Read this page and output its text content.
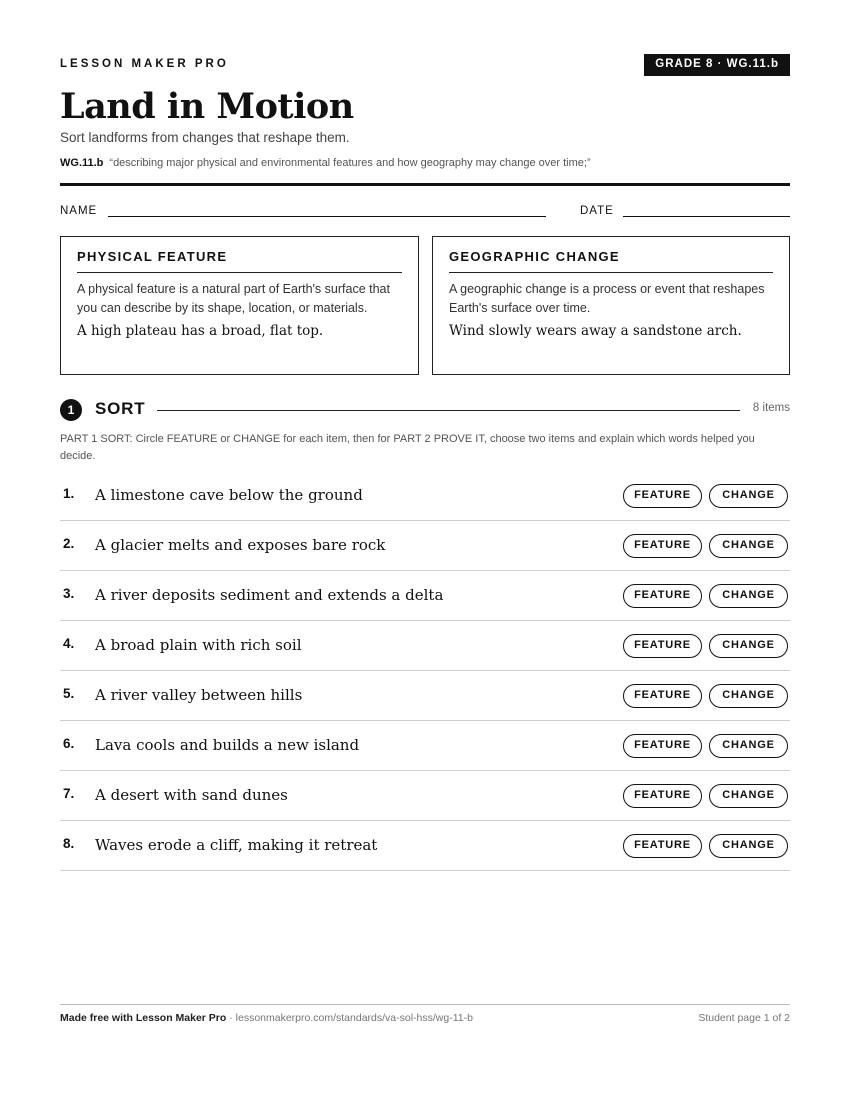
LESSON MAKER PRO	GRADE 8 · WG.11.b
Land in Motion
Sort landforms from changes that reshape them.
WG.11.b “describing major physical and environmental features and how geography may change over time;”
NAME	DATE
PHYSICAL FEATURE
A physical feature is a natural part of Earth's surface that you can describe by its shape, location, or materials.
A high plateau has a broad, flat top.
GEOGRAPHIC CHANGE
A geographic change is a process or event that reshapes Earth's surface over time.
Wind slowly wears away a sandstone arch.
1	SORT	8 items
PART 1 SORT: Circle FEATURE or CHANGE for each item, then for PART 2 PROVE IT, choose two items and explain which words helped you decide.
1. A limestone cave below the ground	FEATURE	CHANGE
2. A glacier melts and exposes bare rock	FEATURE	CHANGE
3. A river deposits sediment and extends a delta	FEATURE	CHANGE
4. A broad plain with rich soil	FEATURE	CHANGE
5. A river valley between hills	FEATURE	CHANGE
6. Lava cools and builds a new island	FEATURE	CHANGE
7. A desert with sand dunes	FEATURE	CHANGE
8. Waves erode a cliff, making it retreat	FEATURE	CHANGE
Made free with Lesson Maker Pro · lessonmakerpro.com/standards/va-sol-hss/wg-11-b	Student page 1 of 2
